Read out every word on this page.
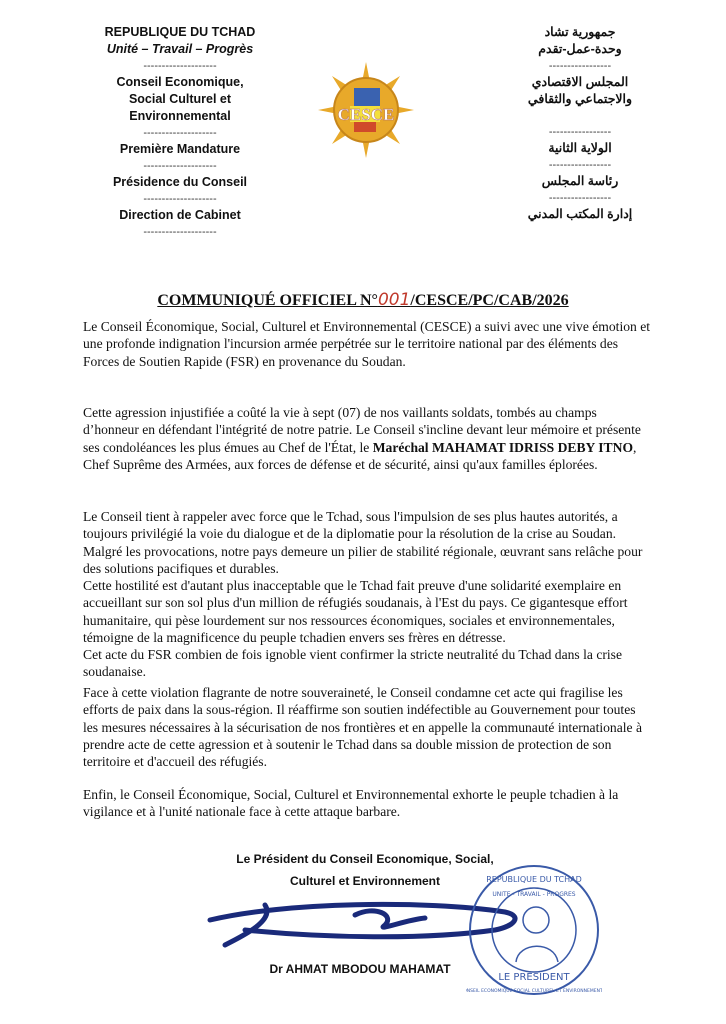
REPUBLIQUE DU TCHAD
Unité – Travail – Progrès
--------------------
Conseil Economique,
Social Culturel et
Environnemental
--------------------
Première Mandature
--------------------
Présidence du Conseil
--------------------
Direction de Cabinet
--------------------
CESCE
جمهورية تشاد
وحدة-عمل-تقدم
-----------------
المجلس الاقتصادي
والاجتماعي والثقافي
-----------------
الولاية الثانية
-----------------
رئاسة المجلس
-----------------
إدارة المكتب المدني
COMMUNIQUÉ OFFICIEL N°001/CESCE/PC/CAB/2026
Le Conseil Économique, Social, Culturel et Environnemental (CESCE) a suivi avec une vive émotion et une profonde indignation l'incursion armée perpétrée sur le territoire national par des éléments des Forces de Soutien Rapide (FSR) en provenance du Soudan.
Cette agression injustifiée a coûté la vie à sept (07) de nos vaillants soldats, tombés au champs d’honneur en défendant l'intégrité de notre patrie. Le Conseil s'incline devant leur mémoire et présente ses condoléances les plus émues au Chef de l'État, le Maréchal MAHAMAT IDRISS DEBY ITNO, Chef Suprême des Armées, aux forces de défense et de sécurité, ainsi qu'aux familles éplorées.
Le Conseil tient à rappeler avec force que le Tchad, sous l'impulsion de ses plus hautes autorités, a toujours privilégié la voie du dialogue et de la diplomatie pour la résolution de la crise au Soudan. Malgré les provocations, notre pays demeure un pilier de stabilité régionale, œuvrant sans relâche pour des solutions pacifiques et durables.
Cette hostilité est d'autant plus inacceptable que le Tchad fait preuve d'une solidarité exemplaire en accueillant sur son sol plus d'un million de réfugiés soudanais, à l'Est du pays. Ce gigantesque effort humanitaire, qui pèse lourdement sur nos ressources économiques, sociales et environnementales, témoigne de la magnificence du peuple tchadien envers ses frères en détresse.
Cet acte du FSR combien de fois ignoble vient confirmer la stricte neutralité du Tchad dans la crise soudanaise.
Face à cette violation flagrante de notre souveraineté, le Conseil condamne cet acte qui fragilise les efforts de paix dans la sous-région. Il réaffirme son soutien indéfectible au Gouvernement pour toutes les mesures nécessaires à la sécurisation de nos frontières et en appelle la communauté internationale à prendre acte de cette agression et à soutenir le Tchad dans sa double mission de protection de son territoire et d'accueil des réfugiés.
Enfin, le Conseil Économique, Social, Culturel et Environnemental exhorte le peuple tchadien à la vigilance et à l'unité nationale face à cette attaque barbare.
Le Président du Conseil Economique, Social,
Culturel et Environnement
Dr AHMAT MBODOU MAHAMAT
REPUBLIQUE DU TCHAD
UNITE - TRAVAIL - PROGRES
LE PRÉSIDENT
CONSEIL ECONOMIQUE SOCIAL CULTUREL ET ENVIRONNEMENTAL
